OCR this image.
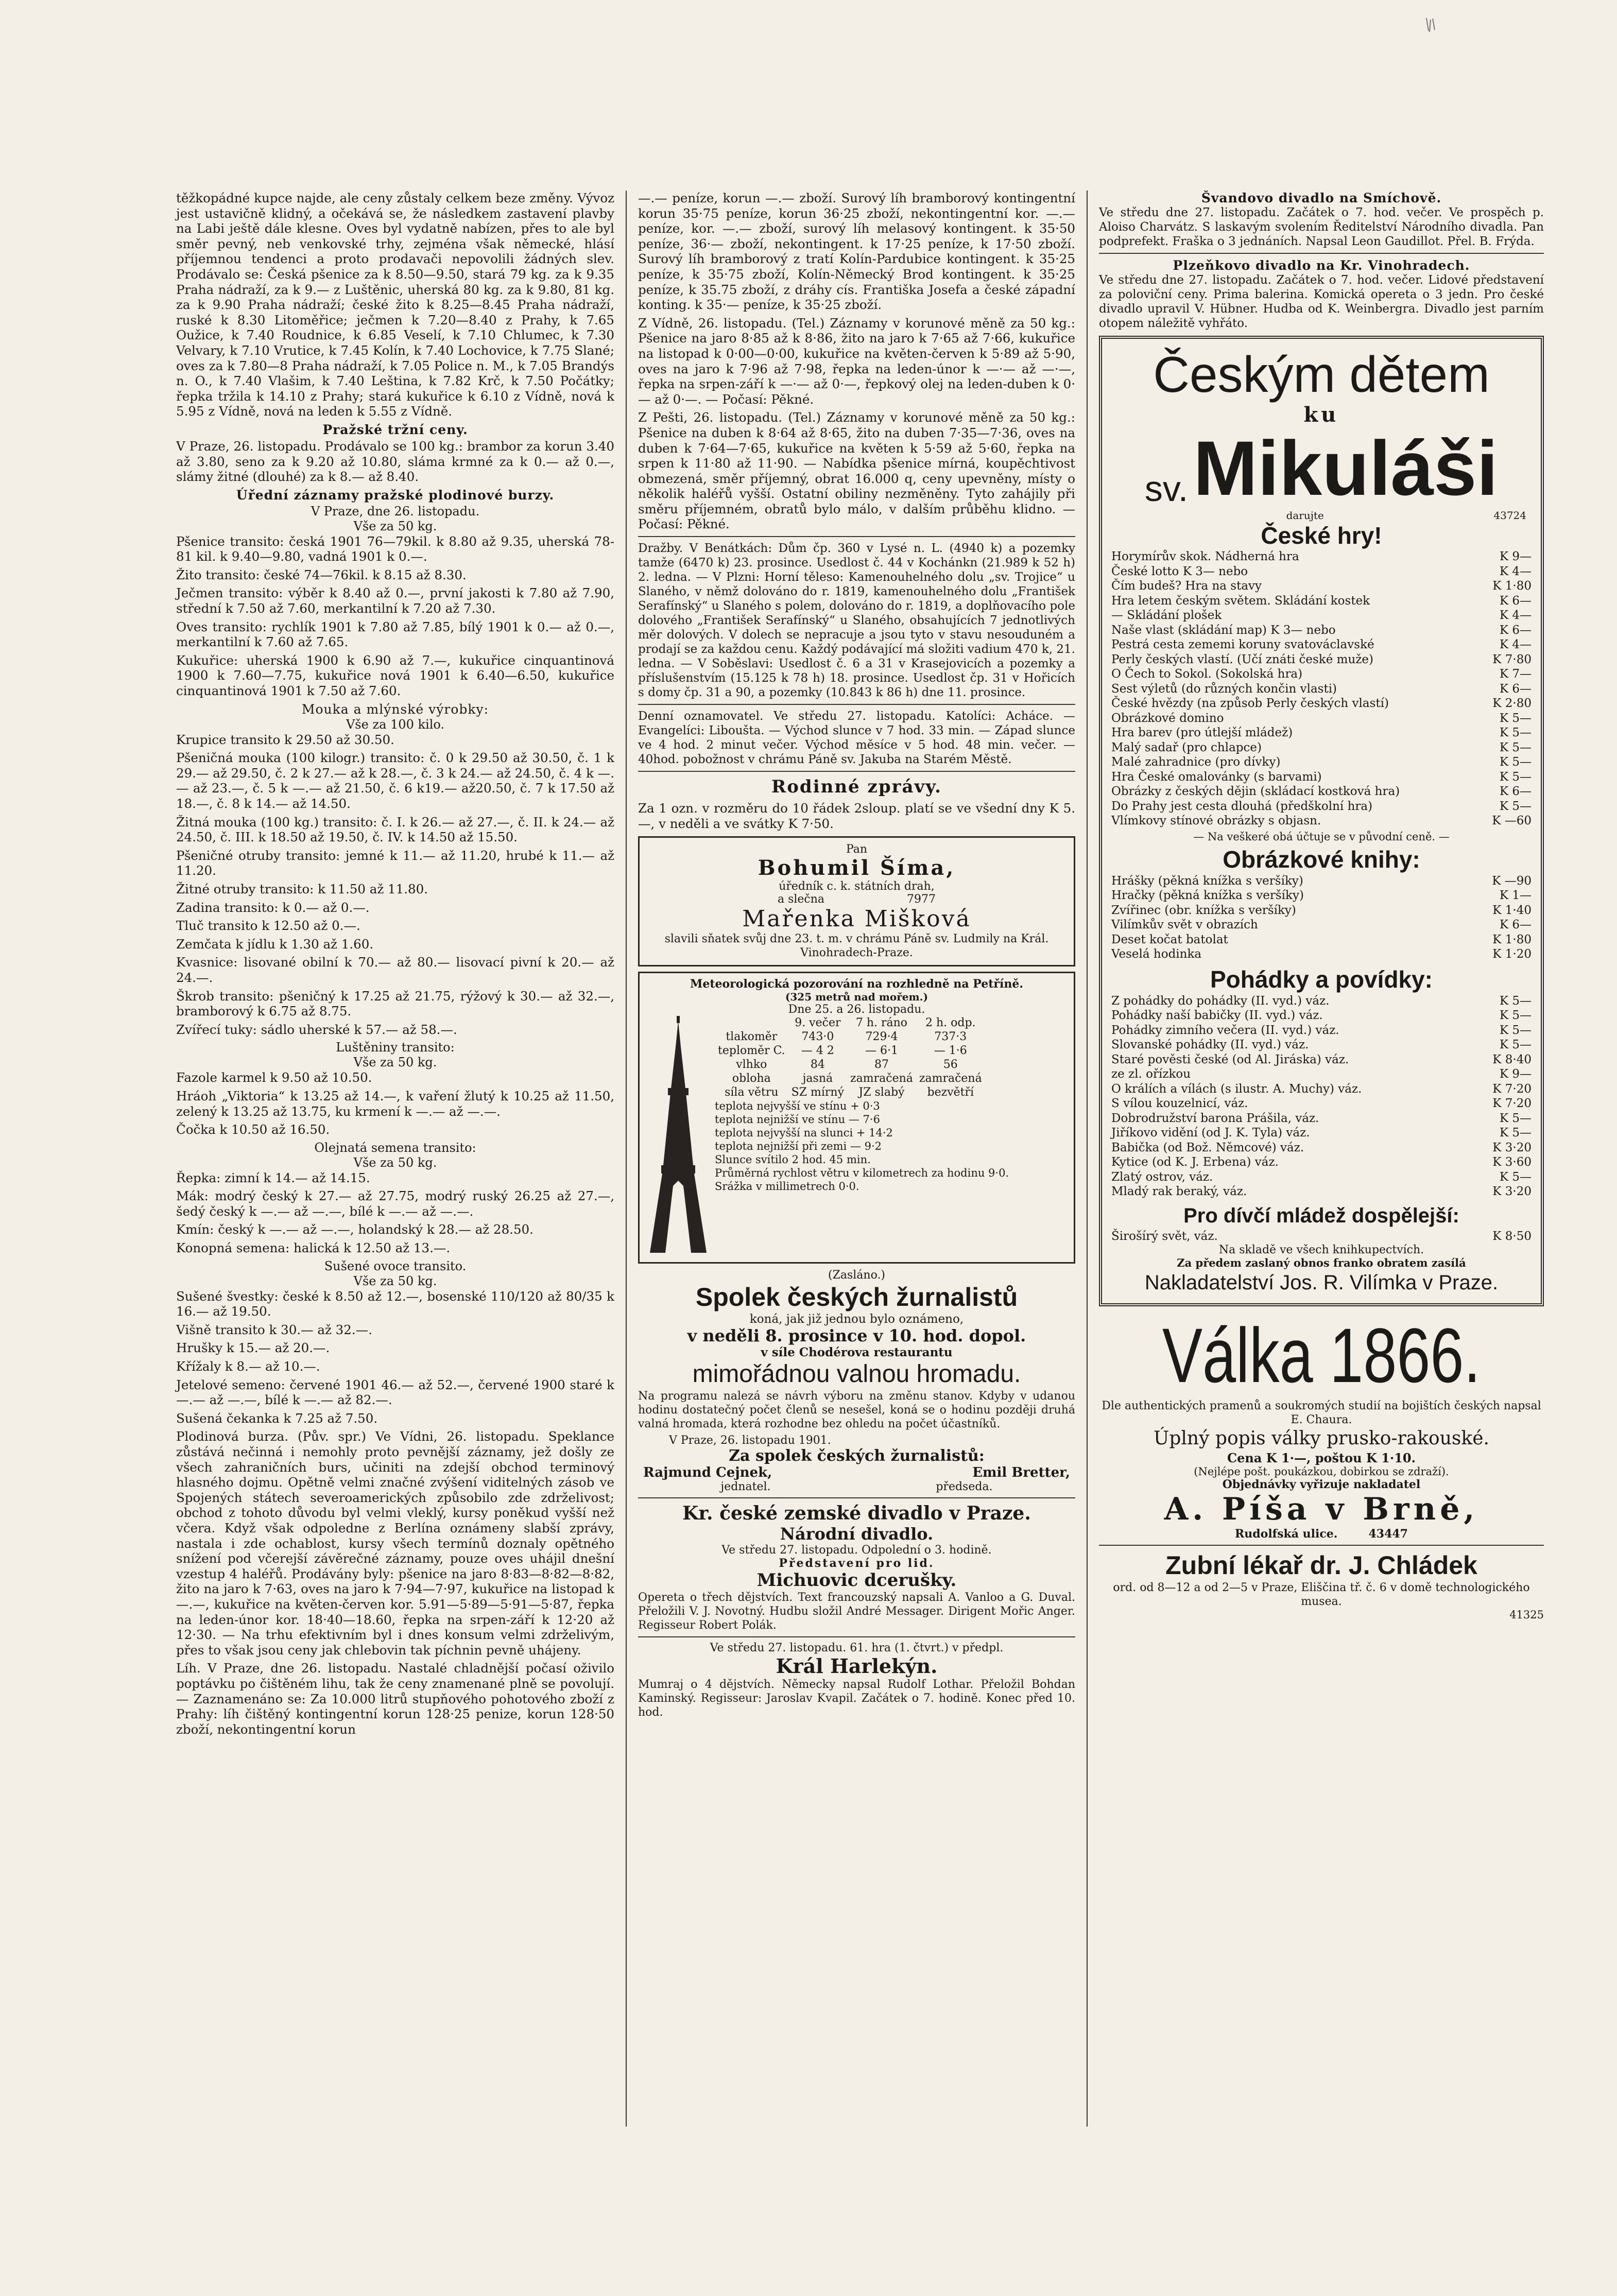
těžkopádné kupce najde, ale ceny zůstaly celkem beze změny. Vývoz jest ustavičně klidný, a očekává se, že následkem zastavení plavby na Labi ještě dále klesne. Oves byl vydatně nabízen, přes to ale byl směr pevný, neb venkovské trhy, zejména však německé, hlásí příjemnou tendenci a proto prodavači nepovolili žádných slev. Prodávalo se: Česká pšenice za k 8.50—9.50, stará 79 kg. za k 9.35 Praha nádraží, za k 9.— z Luštěnic, uherská 80 kg. za k 9.80, 81 kg. za k 9.90 Praha nádraží; české žito k 8.25—8.45 Praha nádraží, ruské k 8.30 Litoměřice; ječmen k 7.20—8.40 z Prahy, k 7.65 Oužice, k 7.40 Roudnice, k 6.85 Veselí, k 7.10 Chlumec, k 7.30 Velvary, k 7.10 Vrutice, k 7.45 Kolín, k 7.40 Lochovice, k 7.75 Slané; oves za k 7.80—8 Praha nádraží, k 7.05 Police n. M., k 7.05 Brandýs n. O., k 7.40 Vlašim, k 7.40 Leština, k 7.82 Krč, k 7.50 Počátky; řepka tržila k 14.10 z Prahy; stará kukuřice k 6.10 z Vídně, nová k 5.95 z Vídně, nová na leden k 5.55 z Vídně.

Pražské tržní ceny.

V Praze, 26. listopadu. Prodávalo se 100 kg.: brambor za korun 3.40 až 3.80, seno za k 9.20 až 10.80, sláma krmné za k 0.— až 0.—, slámy žitné (dlouhé) za k 8.— až 8.40.

Úřední záznamy pražské plodinové burzy.
V Praze, dne 26. listopadu.
Vše za 50 kg.

Pšenice transito: česká 1901 76—79kil. k 8.80 až 9.35, uherská 78-81 kil. k 9.40—9.80, vadná 1901 k 0.—.

Žito transito: české 74—76kil. k 8.15 až 8.30.

Ječmen transito: výběr k 8.40 až 0.—, první jakosti k 7.80 až 7.90, střední k 7.50 až 7.60, merkantilní k 7.20 až 7.30.

Oves transito: rychlík 1901 k 7.80 až 7.85, bílý 1901 k 0.— až 0.—, merkantilní k 7.60 až 7.65.

Kukuřice: uherská 1900 k 6.90 až 7.—, kukuřice cinquantinová 1900 k 7.60—7.75, kukuřice nová 1901 k 6.40—6.50, kukuřice cinquantinová 1901 k 7.50 až 7.60.

Mouka a mlýnské výrobky:
Vše za 100 kilo.

Krupice transito k 29.50 až 30.50.

Pšeničná mouka (100 kilogr.) transito: č. 0 k 29.50 až 30.50, č. 1 k 29.— až 29.50, č. 2 k 27.— až k 28.—, č. 3 k 24.— až 24.50, č. 4 k —.— až 23.—, č. 5 k —.— až 21.50, č. 6 k19.— až20.50, č. 7 k 17.50 až 18.—, č. 8 k 14.— až 14.50.

Žitná mouka (100 kg.) transito: č. I. k 26.— až 27.—, č. II. k 24.— až 24.50, č. III. k 18.50 až 19.50, č. IV. k 14.50 až 15.50.

Pšeničné otruby transito: jemné k 11.— až 11.20, hrubé k 11.— až 11.20.

Žitné otruby transito: k 11.50 až 11.80.

Zadina transito: k 0.— až 0.—.

Tluč transito k 12.50 až 0.—.

Zemčata k jídlu k 1.30 až 1.60.

Kvasnice: lisované obilní k 70.— až 80.— lisovací pivní k 20.— až 24.—.

Škrob transito: pšeničný k 17.25 až 21.75, rýžový k 30.— až 32.—, bramborový k 6.75 až 8.75.

Zvířecí tuky: sádlo uherské k 57.— až 58.—.

Luštěniny transito:
Vše za 50 kg.

Fazole karmel k 9.50 až 10.50.

Hráoh „Viktoria“ k 13.25 až 14.—, k vaření žlutý k 10.25 až 11.50, zelený k 13.25 až 13.75, ku krmení k —.— až —.—.

Čočka k 10.50 až 16.50.

Olejnatá semena transito:
Vše za 50 kg.

Řepka: zimní k 14.— až 14.15.

Mák: modrý český k 27.— až 27.75, modrý ruský 26.25 až 27.—, šedý český k —.— až —.—, bílé k —.— až —.—.

Kmín: český k —.— až —.—, holandský k 28.— až 28.50.

Konopná semena: halická k 12.50 až 13.—.

Sušené ovoce transito.
Vše za 50 kg.

Sušené švestky: české k 8.50 až 12.—, bosenské 110/120 až 80/35 k 16.— až 19.50.

Višně transito k 30.— až 32.—.

Hrušky k 15.— až 20.—.

Křížaly k 8.— až 10.—.

Jetelové semeno: červené 1901 46.— až 52.—, červené 1900 staré k —.— až —.—, bílé k —.— až 82.—.

Sušená čekanka k 7.25 až 7.50.

Plodinová burza. (Pův. spr.) Ve Vídni, 26. listopadu. Speklance zůstává nečinná i nemohly proto pevnější záznamy, jež došly ze všech zahraničních burs, učiniti na zdejší obchod terminový hlasného dojmu. Opětně velmi značné zvýšení viditelných zásob ve Spojených státech severoamerických způsobilo zde zdrželivost; obchod z tohoto důvodu byl velmi vleklý, kursy poněkud vyšší než včera. Když však odpoledne z Berlína oznámeny slabší zprávy, nastala i zde ochablost, kursy všech termínů doznaly opětného snížení pod včerejší závěrečné záznamy, pouze oves uhájil dnešní vzestup 4 haléřů. Prodávány byly: pšenice na jaro 8·83—8·82—8·82, žito na jaro k 7·63, oves na jaro k 7·94—7·97, kukuřice na listopad k —.—, kukuřice na květen-červen kor. 5.91—5·89—5·91—5·87, řepka na leden-únor kor. 18·40—18.60, řepka na srpen-září k 12·20 až 12·30. — Na trhu efektivním byl i dnes konsum velmi zdrželivým, přes to však jsou ceny jak chlebovin tak píchnin pevně uhájeny.

Líh. V Praze, dne 26. listopadu. Nastalé chladnější počasí oživilo poptávku po čištěném lihu, tak že ceny znamenané plně se povolují. — Zaznamenáno se: Za 10.000 litrů stupňového pohotového zboží z Prahy: líh čištěný kontingentní korun 128·25 penize, korun 128·50 zboží, nekontingentní korun

—.— peníze, korun —.— zboží. Surový líh bramborový kontingentní korun 35·75 peníze, korun 36·25 zboží, nekontingentní kor. —.— peníze, kor. —.— zboží, surový líh melasový kontingent. k 35·50 peníze, 36·— zboží, nekontingent. k 17·25 peníze, k 17·50 zboží. Surový líh bramborový z tratí Kolín-Pardubice kontingent. k 35·25 peníze, k 35·75 zboží, Kolín-Německý Brod kontingent. k 35·25 peníze, k 35.75 zboží, z dráhy cís. Františka Josefa a české západní konting. k 35·— peníze, k 35·25 zboží.

Z Vídně, 26. listopadu. (Tel.) Záznamy v korunové měně za 50 kg.: Pšenice na jaro 8·85 až k 8·86, žito na jaro k 7·65 až 7·66, kukuřice na listopad k 0·00—0·00, kukuřice na květen-červen k 5·89 až 5·90, oves na jaro k 7·96 až 7·98, řepka na leden-únor k —·— až —·—, řepka na srpen-září k —·— až 0·—, řepkový olej na leden-duben k 0·— až 0·—. — Počasí: Pěkné.

Z Pešti, 26. listopadu. (Tel.) Záznamy v korunové měně za 50 kg.: Pšenice na duben k 8·64 až 8·65, žito na duben 7·35—7·36, oves na duben k 7·64—7·65, kukuřice na květen k 5·59 až 5·60, řepka na srpen k 11·80 až 11·90. — Nabídka pšenice mírná, koupěchtivost obmezená, směr příjemný, obrat 16.000 q, ceny upevněny, místy o několik haléřů vyšší. Ostatní obiliny nezměněny. Tyto zahájily při směru příjemném, obratů bylo málo, v dalším průběhu klidno. — Počasí: Pěkné.

Dražby. V Benátkách: Dům čp. 360 v Lysé n. L. (4940 k) a pozemky tamže (6470 k) 23. prosince. Usedlost č. 44 v Kochánkn (21.989 k 52 h) 2. ledna. — V Plzni: Horní těleso: Kamenouhelného dolu „sv. Trojice“ u Slaného, v němž dolováno do r. 1819, kamenouhelného dolu „František Serafínský“ u Slaného s polem, dolováno do r. 1819, a doplňovacího pole dolového „František Serafínský“ u Slaného, obsahujících 7 jednotlivých měr dolových. V dolech se nepracuje a jsou tyto v stavu nesouduném a prodají se za každou cenu. Každý podávající má složiti vadium 470 k, 21. ledna. — V Soběslavi: Usedlost č. 6 a 31 v Krasejovicích a pozemky a příslušenstvím (15.125 k 78 h) 18. prosince. Usedlost čp. 31 v Hořicích s domy čp. 31 a 90, a pozemky (10.843 k 86 h) dne 11. prosince.

Denní oznamovatel. Ve středu 27. listopadu. Katolíci: Acháce. — Evangelíci: Liboušta. — Východ slunce v 7 hod. 33 min. — Západ slunce ve 4 hod. 2 minut večer. Východ měsíce v 5 hod. 48 min. večer. — 40hod. pobožnost v chrámu Páně sv. Jakuba na Starém Městě.

Rodinné zprávy.

Za 1 ozn. v rozměru do 10 řádek 2sloup. platí se ve všední dny K 5.—, v neděli a ve svátky K 7·50.

Pan
Bohumil Šíma,
úředník c. k. státních drah,
a slečna	7977
Mařenka Mišková
slavili sňatek svůj dne 23. t. m. v chrámu Páně sv. Ludmily na Král. Vinohradech-Praze.
Meteorologická pozorování na rozhledně na Petříně.
(325 metrů nad mořem.)
Dne 25. a 26. listopadu.
	9. večer	7 h. ráno	2 h. odp.
tlakoměr	743·0	729·4	737·3
teploměr C.	— 4 2	— 6·1	— 1·6
vlhko	84	87	56
oblohа	jasná	zamračená	zamračená
síla větru	SZ mírný	JZ slabý	bezvětří
teplota nejvyšší ve stínu + 0·3
teplota nejnižší ve stínu — 7·6
teplota nejvyšší na slunci + 14·2
teplota nejnižší při zemi — 9·2
Slunce svítilo 2 hod. 45 min.
Průměrná rychlost větru v kilometrech za hodinu 9·0.
Srážka v millimetrech 0·0.
(Zasláno.)
Spolek českých žurnalistů
koná, jak již jednou bylo oznámeno,
v neděli 8. prosince v 10. hod. dopol.
v síle Chodérova restaurantu
mimořádnou valnou hromadu.

Na programu nalezá se návrh výboru na změnu stanov. Kdyby v udanou hodinu dostatečný počet členů se nesešel, koná se o hodinu později druhá valná hromada, která rozhodne bez ohledu na počet účastníků.

V Praze, 26. listopadu 1901.
Za spolek českých žurnalistů:
Rajmund Cejnek,	Emil Bretter,
jednatel.	předseda.
Kr. české zemské divadlo v Praze.
Národní divadlo.
Ve středu 27. listopadu. Odpolední o 3. hodině.
Představení pro lid.
Michuovic dcerušky.

Opereta o třech dějstvích. Text francouzský napsali A. Vanloo a G. Duval. Přeložili V. J. Novotný. Hudbu složil André Messager. Dirigent Mořic Anger. Regisseur Robert Polák.

Ve středu 27. listopadu. 61. hra (1. čtvrt.) v předpl.
Král Harlekýn.

Mumraj o 4 dějstvích. Německy napsal Rudolf Lothar. Přeložil Bohdan Kaminský. Regisseur: Jaroslav Kvapil. Začátek o 7. hodině. Konec před 10. hod.

Švandovo divadlo na Smíchově.

Ve středu dne 27. listopadu. Začátek o 7. hod. večer. Ve prospěch p. Aloiso Charvátz. S laskavým svolením Ředitelství Národního divadla. Pan podprefekt. Fraška o 3 jednáních. Napsal Leon Gaudillot. Přel. B. Frýda.

Plzeňkovo divadlo na Kr. Vinohradech.

Ve středu dne 27. listopadu. Začátek o 7. hod. večer. Lidové představení za poloviční ceny. Prima balerina. Komická opereta o 3 jedn. Pro české divadlo upravil V. Hübner. Hudba od K. Weinbergra. Divadlo jest parním otopem náležitě vyhřáto.

Českým dětem
ku
sv. Mikuláši
darujte	43724
České hry!
Horymírův skok. Nádherná hra	K 9—
České lotto K 3— nebo	K 4—
Čím budeš? Hra na stavy	K 1·80
Hra letem českým světem. Skládání kostek	K 6—
— Skládání plošek	K 4—
Naše vlast (skládání map) K 3— nebo	K 6—
Pestrá cesta zememi koruny svatováclavské	K 4—
Perly českých vlastí. (Učí znáti české muže)	K 7·80
O Čech to Sokol. (Sokolská hra)	K 7—
Sest výletů (do různých končin vlasti)	K 6—
České hvězdy (na způsob Perly českých vlastí)	K 2·80
Obrázkové domino	K 5—
Hra barev (pro útlejší mládež)	K 5—
Malý sadař (pro chlapce)	K 5—
Malé zahradnice (pro dívky)	K 5—
Hra České omalovánky (s barvami)	K 5—
Obrázky z českých dějin (skládací kostková hra)	K 6—
Do Prahy jest cesta dlouhá (předškolní hra)	K 5—
Vlímkovy stínové obrázky s objasn.	K —60
— Na veškeré obá účtuje se v původní ceně. —
Obrázkové knihy:
Hrášky (pěkná knížka s veršíky)	K —90
Hračky (pěkná knížka s veršíky)	K 1—
Zvířinec (obr. knížka s veršíky)	K 1·40
Vilímkův svět v obrazích	K 6—
Deset kočat batolat	K 1·80
Veselá hodinka	K 1·20
Pohádky a povídky:
Z pohádky do pohádky (II. vyd.) váz.	K 5—
Pohádky naší babičky (II. vyd.) váz.	K 5—
Pohádky zimního večera (II. vyd.) váz.	K 5—
Slovanské pohádky (II. vyd.) váz.	K 5—
Staré pověsti české (od Al. Jiráska) váz.	K 8·40
ze zl. ořízkou	K 9—
O králích a vílách (s ilustr. A. Muchy) váz.	K 7·20
S vílou kouzelnicí, váz.	K 7·20
Dobrodružství barona Prášila, váz.	K 5—
Jiříkovo vidění (od J. K. Tyla) váz.	K 5—
Babička (od Bož. Němcové) váz.	K 3·20
Kytice (od K. J. Erbena) váz.	K 3·60
Zlatý ostrov, váz.	K 5—
Mladý rak beraký, váz.	K 3·20
Pro dívčí mládež dospělejší:
Širošírý svět, váz.	K 8·50
Na skladě ve všech knihkupectvích.
Za předem zaslaný obnos franko obratem zasílá
Nakladatelství Jos. R. Vilímka v Praze.
Válka 1866.
Dle authentických pramenů a soukromých studií na bojištích českých napsal E. Chaura.
Úplný popis války prusko-rakouské.
Cena K 1·—, poštou K 1·10.
(Nejlépe pošt. poukázkou, dobirkou se zdraží).
Objednávky vyřizuje nakladatel
A. Píša v Brně,
Rudolfská ulice.	43447
Zubní lékař dr. J. Chládek
ord. od 8—12 a od 2—5 v Praze, Eliščina tř. č. 6 v domě technologického musea.
41325
